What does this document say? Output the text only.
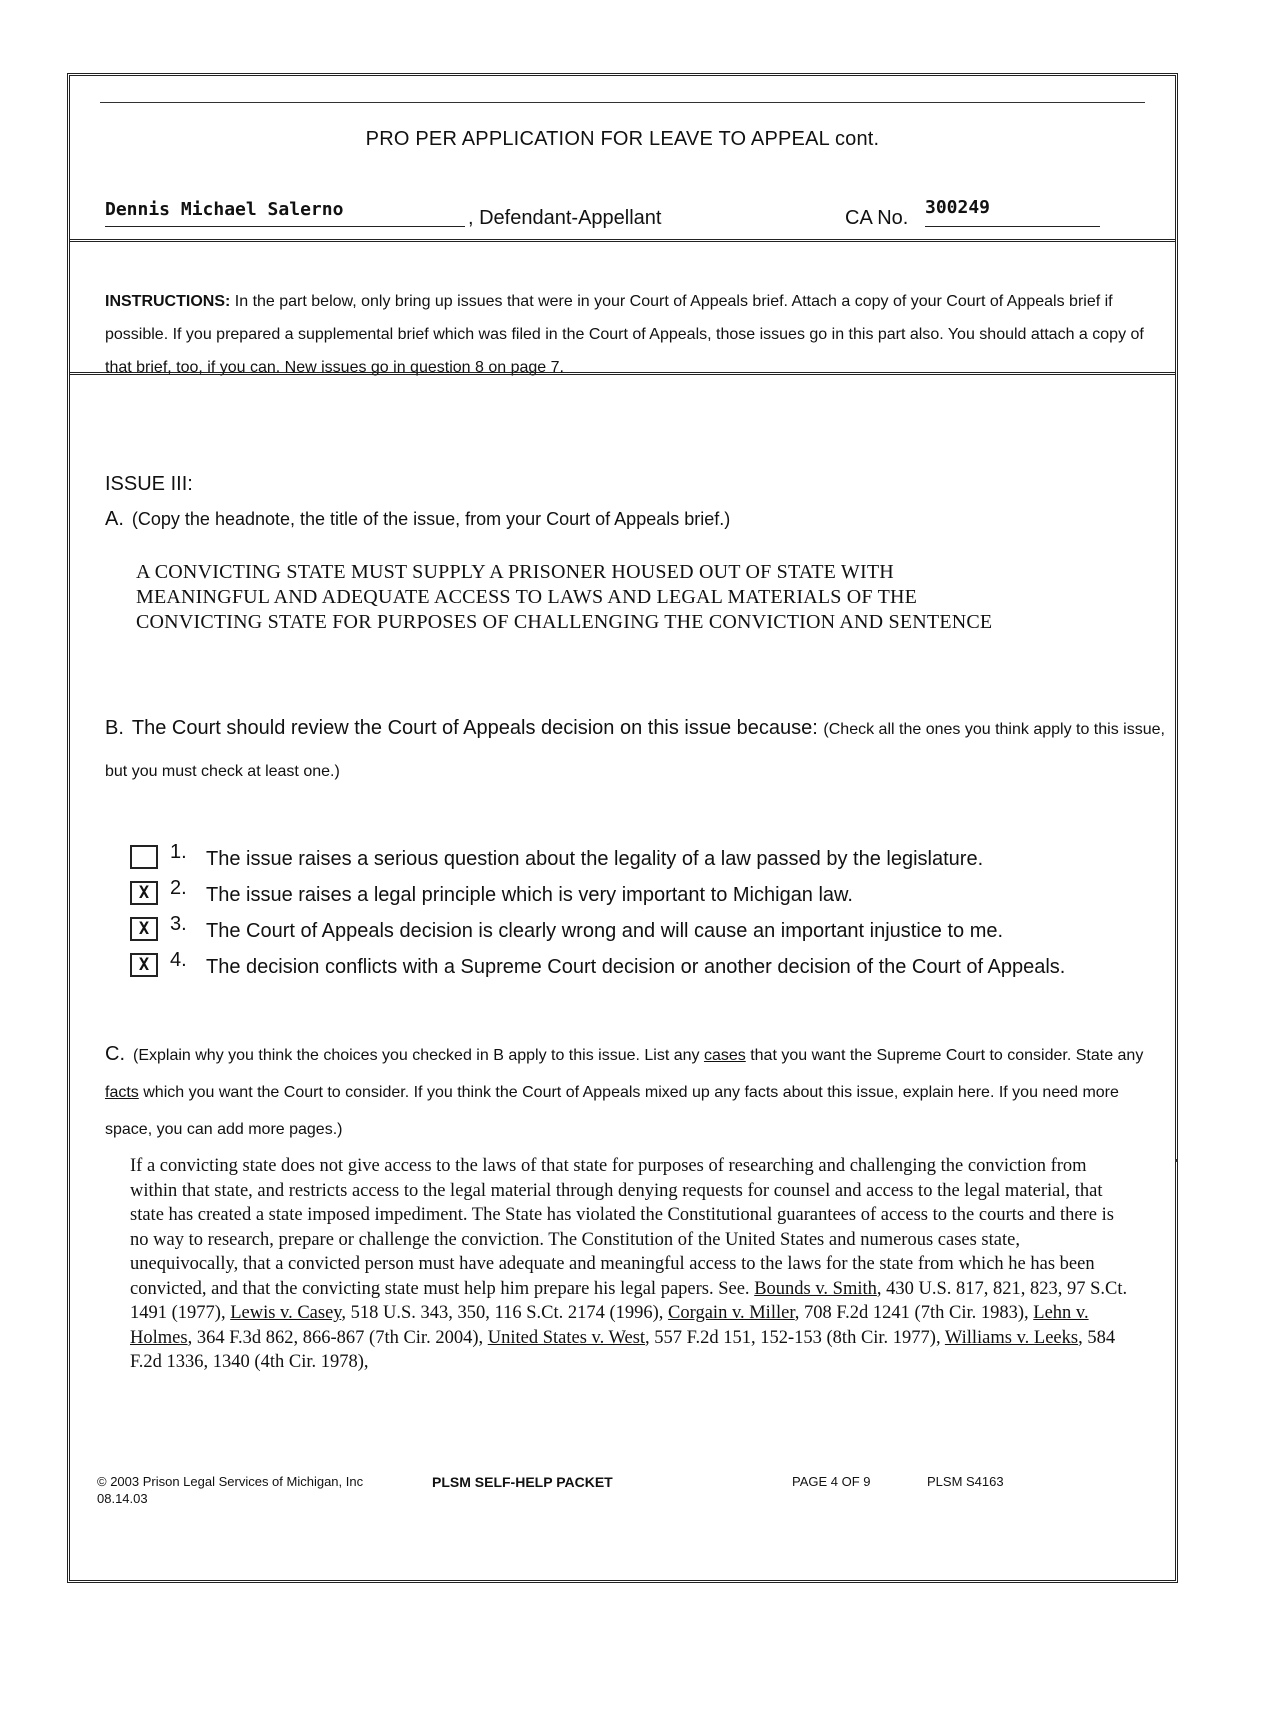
PRO PER APPLICATION FOR LEAVE TO APPEAL cont.
Dennis Michael Salerno	, Defendant-Appellant	CA No. 300249
INSTRUCTIONS: In the part below, only bring up issues that were in your Court of Appeals brief. Attach a copy of your Court of Appeals brief if possible. If you prepared a supplemental brief which was filed in the Court of Appeals, those issues go in this part also. You should attach a copy of that brief, too, if you can. New issues go in question 8 on page 7.
ISSUE III:
A. (Copy the headnote, the title of the issue, from your Court of Appeals brief.)
A CONVICTING STATE MUST SUPPLY A PRISONER HOUSED OUT OF STATE WITH
MEANINGFUL AND ADEQUATE ACCESS TO LAWS AND LEGAL MATERIALS OF THE
CONVICTING STATE FOR PURPOSES OF CHALLENGING THE CONVICTION AND SENTENCE
B. The Court should review the Court of Appeals decision on this issue because: (Check all the ones you think apply to this issue, but you must check at least one.)
1. The issue raises a serious question about the legality of a law passed by the legislature.
X	2. The issue raises a legal principle which is very important to Michigan law.
X	3. The Court of Appeals decision is clearly wrong and will cause an important injustice to me.
X	4. The decision conflicts with a Supreme Court decision or another decision of the Court of Appeals.
C. (Explain why you think the choices you checked in B apply to this issue. List any cases that you want the Supreme Court to consider. State any facts which you want the Court to consider. If you think the Court of Appeals mixed up any facts about this issue, explain here. If you need more space, you can add more pages.)
If a convicting state does not give access to the laws of that state for purposes of researching and challenging the conviction from within that state, and restricts access to the legal material through denying requests for counsel and access to the legal material, that state has created a state imposed impediment. The State has violated the Constitutional guarantees of access to the courts and there is no way to research, prepare or challenge the conviction. The Constitution of the United States and numerous cases state, unequivocally, that a convicted person must have adequate and meaningful access to the laws for the state from which he has been convicted, and that the convicting state must help him prepare his legal papers. See. Bounds v. Smith, 430 U.S. 817, 821, 823, 97 S.Ct. 1491 (1977), Lewis v. Casey, 518 U.S. 343, 350, 116 S.Ct. 2174 (1996), Corgain v. Miller, 708 F.2d 1241 (7th Cir. 1983), Lehn v. Holmes, 364 F.3d 862, 866-867 (7th Cir. 2004), United States v. West, 557 F.2d 151, 152-153 (8th Cir. 1977), Williams v. Leeks, 584 F.2d 1336, 1340 (4th Cir. 1978),
© 2003 Prison Legal Services of Michigan, Inc
08.14.03
PLSM SELF-HELP PACKET	PAGE 4 OF 9	PLSM S4163
